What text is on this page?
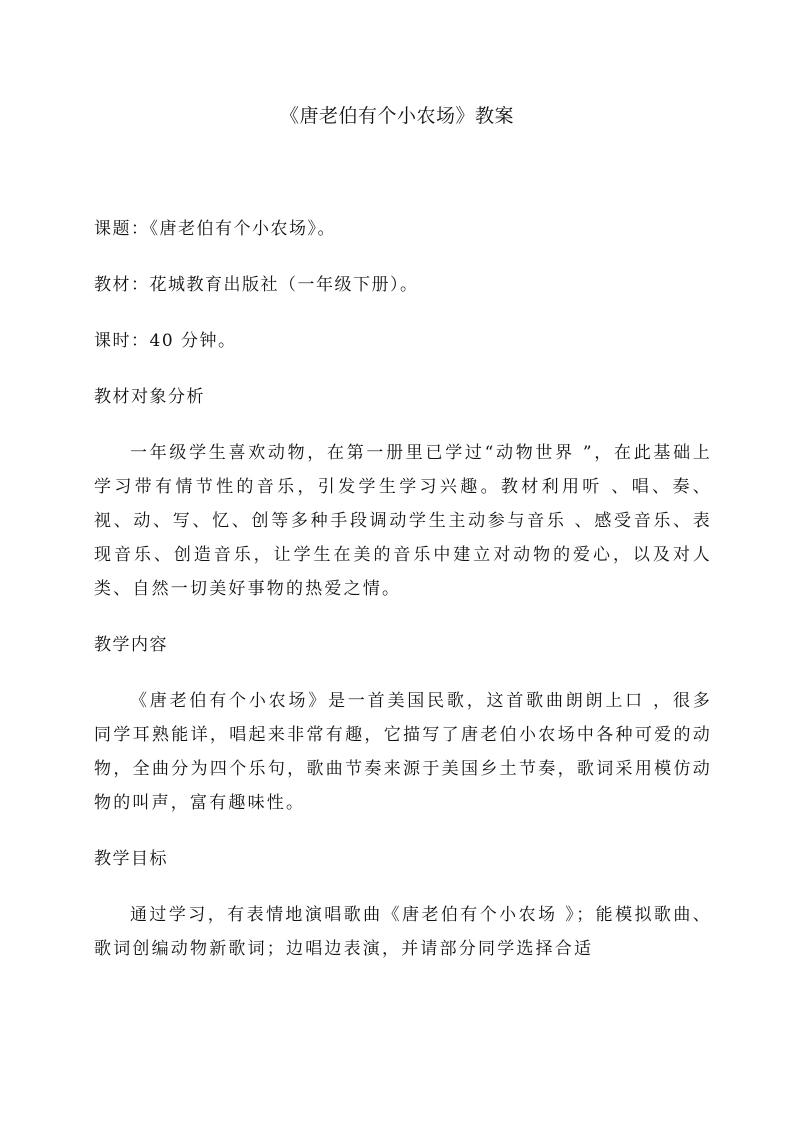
《唐老伯有个小农场》教案

课题：《唐老伯有个小农场》。

教材：花城教育出版社（一年级下册）。

课时：40 分钟。

教材对象分析

一年级学生喜欢动物，在第一册里已学过“动物世界 ”，在此基础上学习带有情节性的音乐，引发学生学习兴趣。教材利用听 、唱、奏、视、动、写、忆、创等多种手段调动学生主动参与音乐 、感受音乐、表现音乐、创造音乐，让学生在美的音乐中建立对动物的爱心，以及对人类、自然一切美好事物的热爱之情。

教学内容

《唐老伯有个小农场》是一首美国民歌，这首歌曲朗朗上口 ，很多同学耳熟能详，唱起来非常有趣，它描写了唐老伯小农场中各种可爱的动物，全曲分为四个乐句，歌曲节奏来源于美国乡土节奏，歌词采用模仿动物的叫声，富有趣味性。

教学目标

通过学习，有表情地演唱歌曲《唐老伯有个小农场 》；能模拟歌曲、歌词创编动物新歌词；边唱边表演，并请部分同学选择合适
